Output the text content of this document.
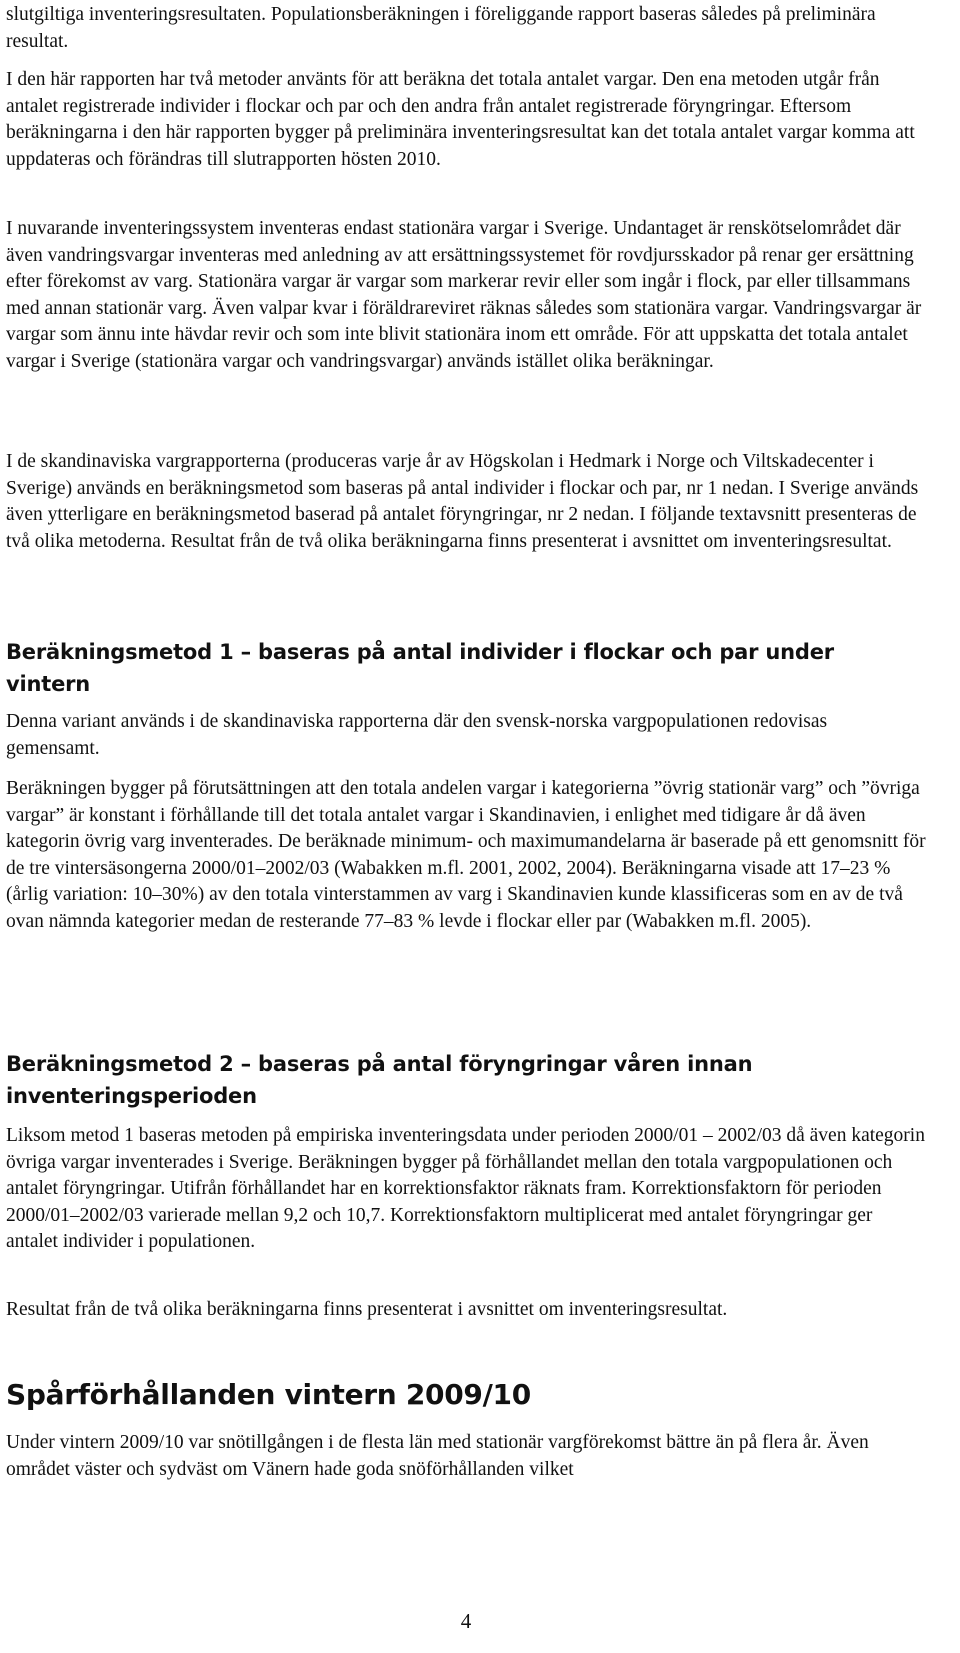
slutgiltiga inventeringsresultaten. Populationsberäkningen i föreliggande rapport baseras således på preliminära resultat.

I den här rapporten har två metoder använts för att beräkna det totala antalet vargar. Den ena metoden utgår från antalet registrerade individer i flockar och par och den andra från antalet registrerade föryngringar. Eftersom beräkningarna i den här rapporten bygger på preliminära inventeringsresultat kan det totala antalet vargar komma att uppdateras och förändras till slutrapporten hösten 2010.

I nuvarande inventeringssystem inventeras endast stationära vargar i Sverige. Undantaget är renskötselområdet där även vandringsvargar inventeras med anledning av att ersättningssystemet för rovdjursskador på renar ger ersättning efter förekomst av varg. Stationära vargar är vargar som markerar revir eller som ingår i flock, par eller tillsammans med annan stationär varg. Även valpar kvar i föräldrareviret räknas således som stationära vargar. Vandringsvargar är vargar som ännu inte hävdar revir och som inte blivit stationära inom ett område. För att uppskatta det totala antalet vargar i Sverige (stationära vargar och vandringsvargar) används istället olika beräkningar.

I de skandinaviska vargrapporterna (produceras varje år av Högskolan i Hedmark i Norge och Viltskadecenter i Sverige) används en beräkningsmetod som baseras på antal individer i flockar och par, nr 1 nedan. I Sverige används även ytterligare en beräkningsmetod baserad på antalet föryngringar, nr 2 nedan. I följande textavsnitt presenteras de två olika metoderna. Resultat från de två olika beräkningarna finns presenterat i avsnittet om inventeringsresultat.

Beräkningsmetod 1 – baseras på antal individer i flockar och par under vintern

Denna variant används i de skandinaviska rapporterna där den svensk-norska vargpopulationen redovisas gemensamt.

Beräkningen bygger på förutsättningen att den totala andelen vargar i kategorierna ”övrig stationär varg” och ”övriga vargar” är konstant i förhållande till det totala antalet vargar i Skandinavien, i enlighet med tidigare år då även kategorin övrig varg inventerades. De beräknade minimum- och maximumandelarna är baserade på ett genomsnitt för de tre vintersäsongerna 2000/01–2002/03 (Wabakken m.fl. 2001, 2002, 2004). Beräkningarna visade att 17–23 % (årlig variation: 10–30%) av den totala vinterstammen av varg i Skandinavien kunde klassificeras som en av de två ovan nämnda kategorier medan de resterande 77–83 % levde i flockar eller par (Wabakken m.fl. 2005).

Beräkningsmetod 2 – baseras på antal föryngringar våren innan inventeringsperioden

Liksom metod 1 baseras metoden på empiriska inventeringsdata under perioden 2000/01 – 2002/03 då även kategorin övriga vargar inventerades i Sverige. Beräkningen bygger på förhållandet mellan den totala vargpopulationen och antalet föryngringar. Utifrån förhållandet har en korrektionsfaktor räknats fram. Korrektionsfaktorn för perioden 2000/01–2002/03 varierade mellan 9,2 och 10,7. Korrektionsfaktorn multiplicerat med antalet föryngringar ger antalet individer i populationen.

Resultat från de två olika beräkningarna finns presenterat i avsnittet om inventeringsresultat.

Spårförhållanden vintern 2009/10

Under vintern 2009/10 var snötillgången i de flesta län med stationär vargförekomst bättre än på flera år. Även området väster och sydväst om Vänern hade goda snöförhållanden vilket

4
